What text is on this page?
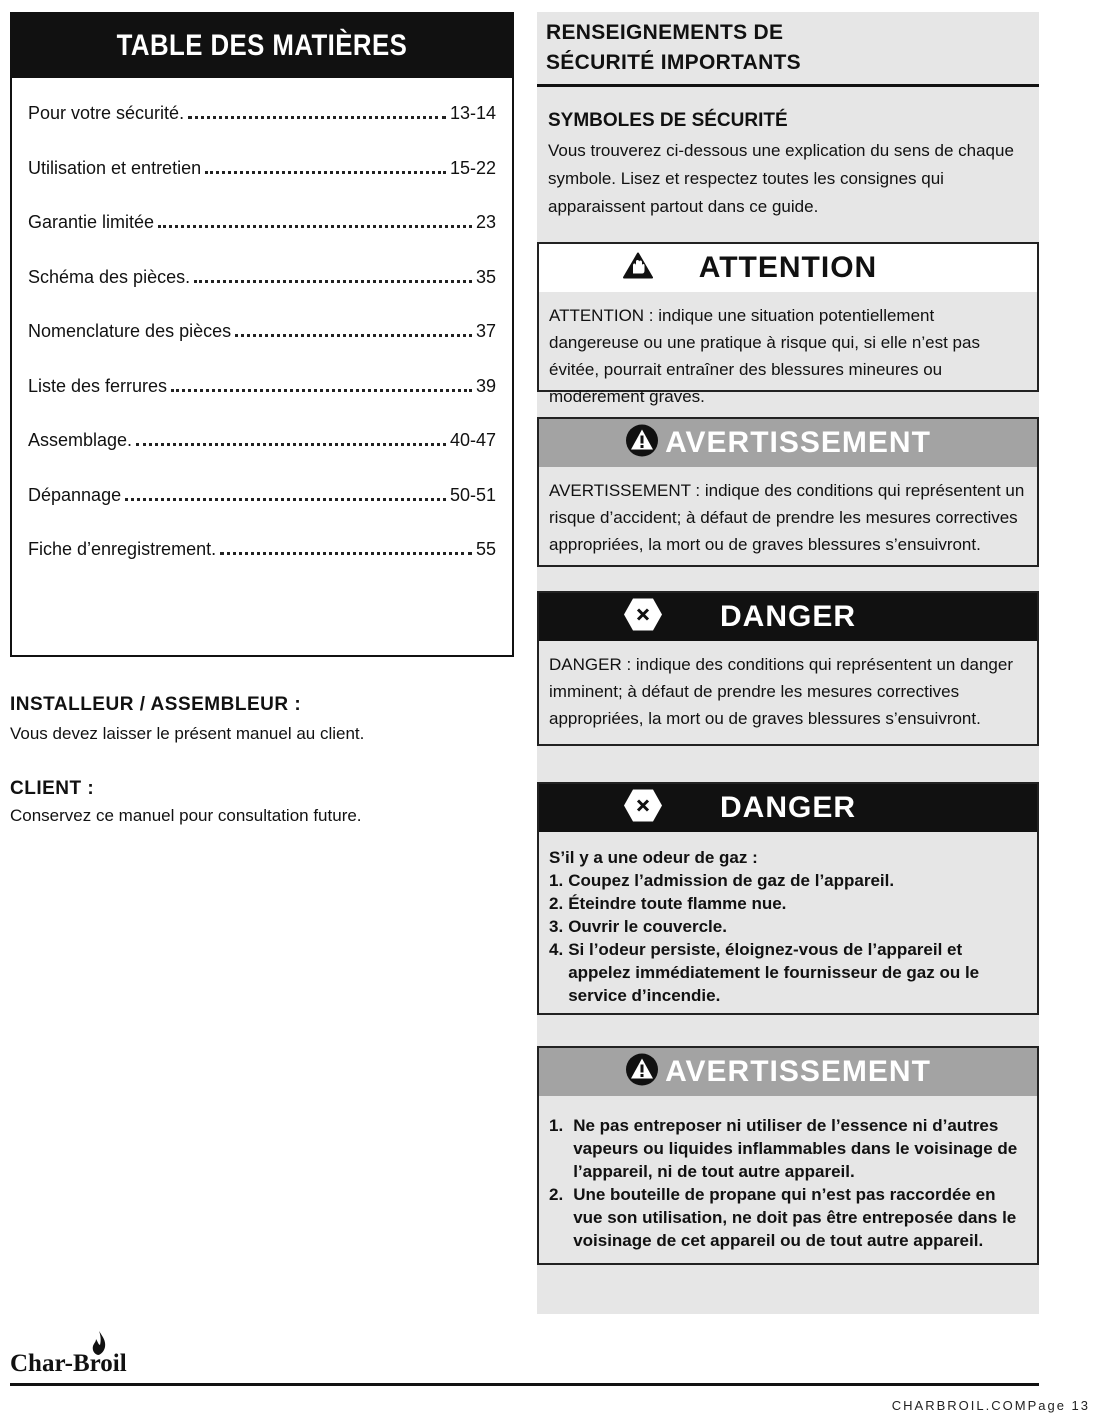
TABLE DES MATIÈRES
Pour votre sécurité.	13-14
Utilisation et entretien	15-22
Garantie limitée	23
Schéma des pièces.	35
Nomenclature des pièces	37
Liste des ferrures	39
Assemblage.	40-47
Dépannage	50-51
Fiche d’enregistrement.	55
INSTALLEUR / ASSEMBLEUR :
Vous devez laisser le présent manuel au client.
CLIENT :
Conservez ce manuel pour consultation future.
RENSEIGNEMENTS DE
SÉCURITÉ IMPORTANTS
SYMBOLES DE SÉCURITÉ
Vous trouverez ci-dessous une explication du sens de chaque symbole. Lisez et respectez toutes les consignes qui apparaissent partout dans ce guide.
ATTENTION
ATTENTION : indique une situation potentiellement dangereuse ou une pratique à risque qui, si elle n’est pas évitée, pourrait entraîner des blessures mineures ou modérément graves.
AVERTISSEMENT
AVERTISSEMENT : indique des conditions qui représentent un risque d’accident; à défaut de prendre les mesures correctives appropriées, la mort ou de graves blessures s’ensuivront.
DANGER
DANGER : indique des conditions qui représentent un danger imminent; à défaut de prendre les mesures correctives appropriées, la mort ou de graves blessures s’ensuivront.
DANGER
S’il y a une odeur de gaz :
1. Coupez l’admission de gaz de l’appareil.
2. Éteindre toute flamme nue.
3. Ouvrir le couvercle.
4. Si l’odeur persiste, éloignez-vous de l’appareil et appelez immédiatement le fournisseur de gaz ou le service d’incendie.
AVERTISSEMENT
1. Ne pas entreposer ni utiliser de l’essence ni d’autres vapeurs ou liquides inflammables dans le voisinage de l’appareil, ni de tout autre appareil.
2. Une bouteille de propane qui n’est pas raccordée en vue son utilisation, ne doit pas être entreposée dans le voisinage de cet appareil ou de tout autre appareil.
Char-Broil
CHARBROIL.COMPage 13
